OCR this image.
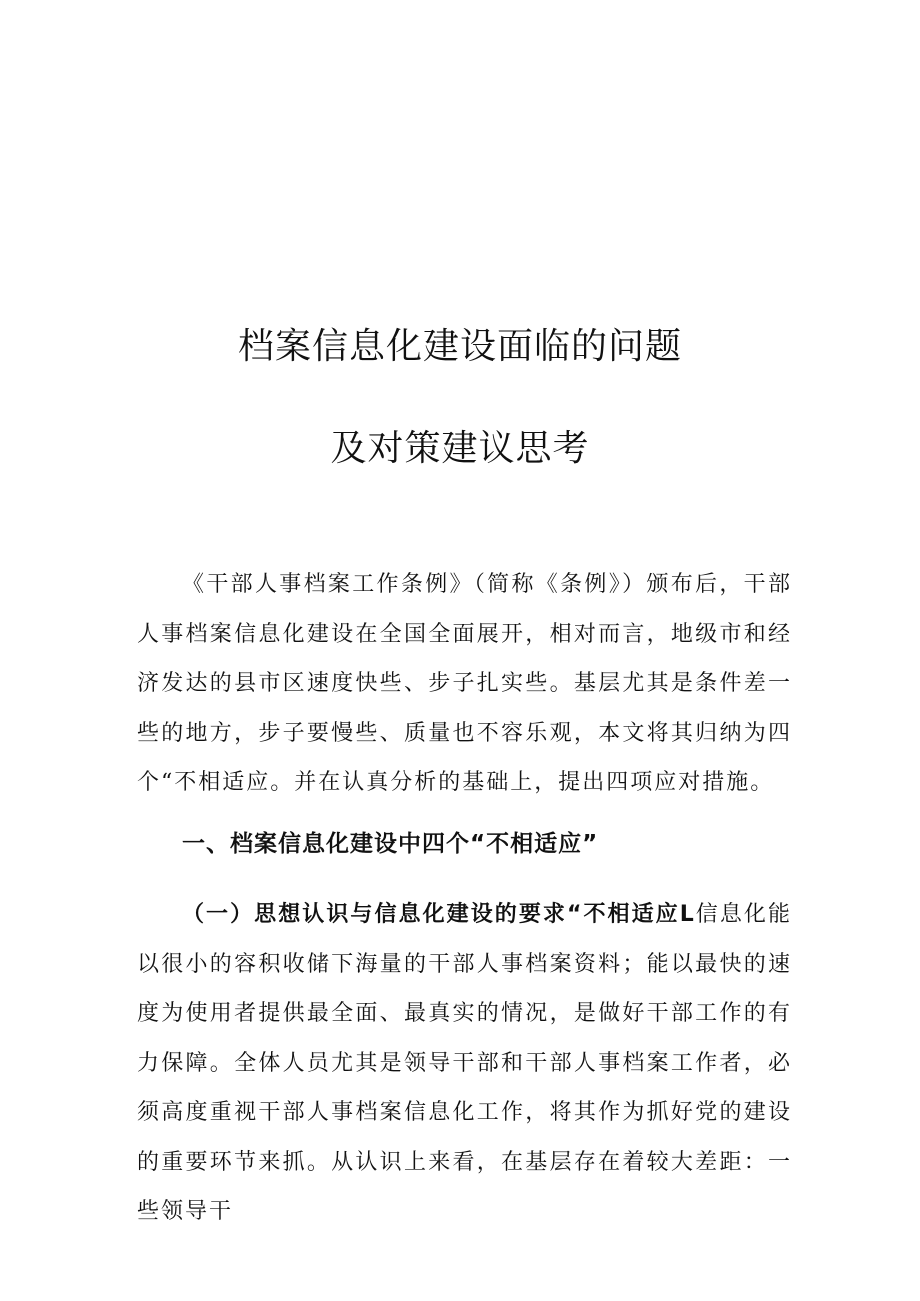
档案信息化建设面临的问题
及对策建议思考
《干部人事档案工作条例》（简称《条例》）颁布后，干部人事档案信息化建设在全国全面展开，相对而言，地级市和经济发达的县市区速度快些、步子扎实些。基层尤其是条件差一些的地方，步子要慢些、质量也不容乐观，本文将其归纳为四个“不相适应。并在认真分析的基础上，提出四项应对措施。
一、档案信息化建设中四个“不相适应”
（一）思想认识与信息化建设的要求“不相适应L信息化能以很小的容积收储下海量的干部人事档案资料；能以最快的速度为使用者提供最全面、最真实的情况，是做好干部工作的有力保障。全体人员尤其是领导干部和干部人事档案工作者，必须高度重视干部人事档案信息化工作，将其作为抓好党的建设的重要环节来抓。从认识上来看，在基层存在着较大差距：一些领导干
